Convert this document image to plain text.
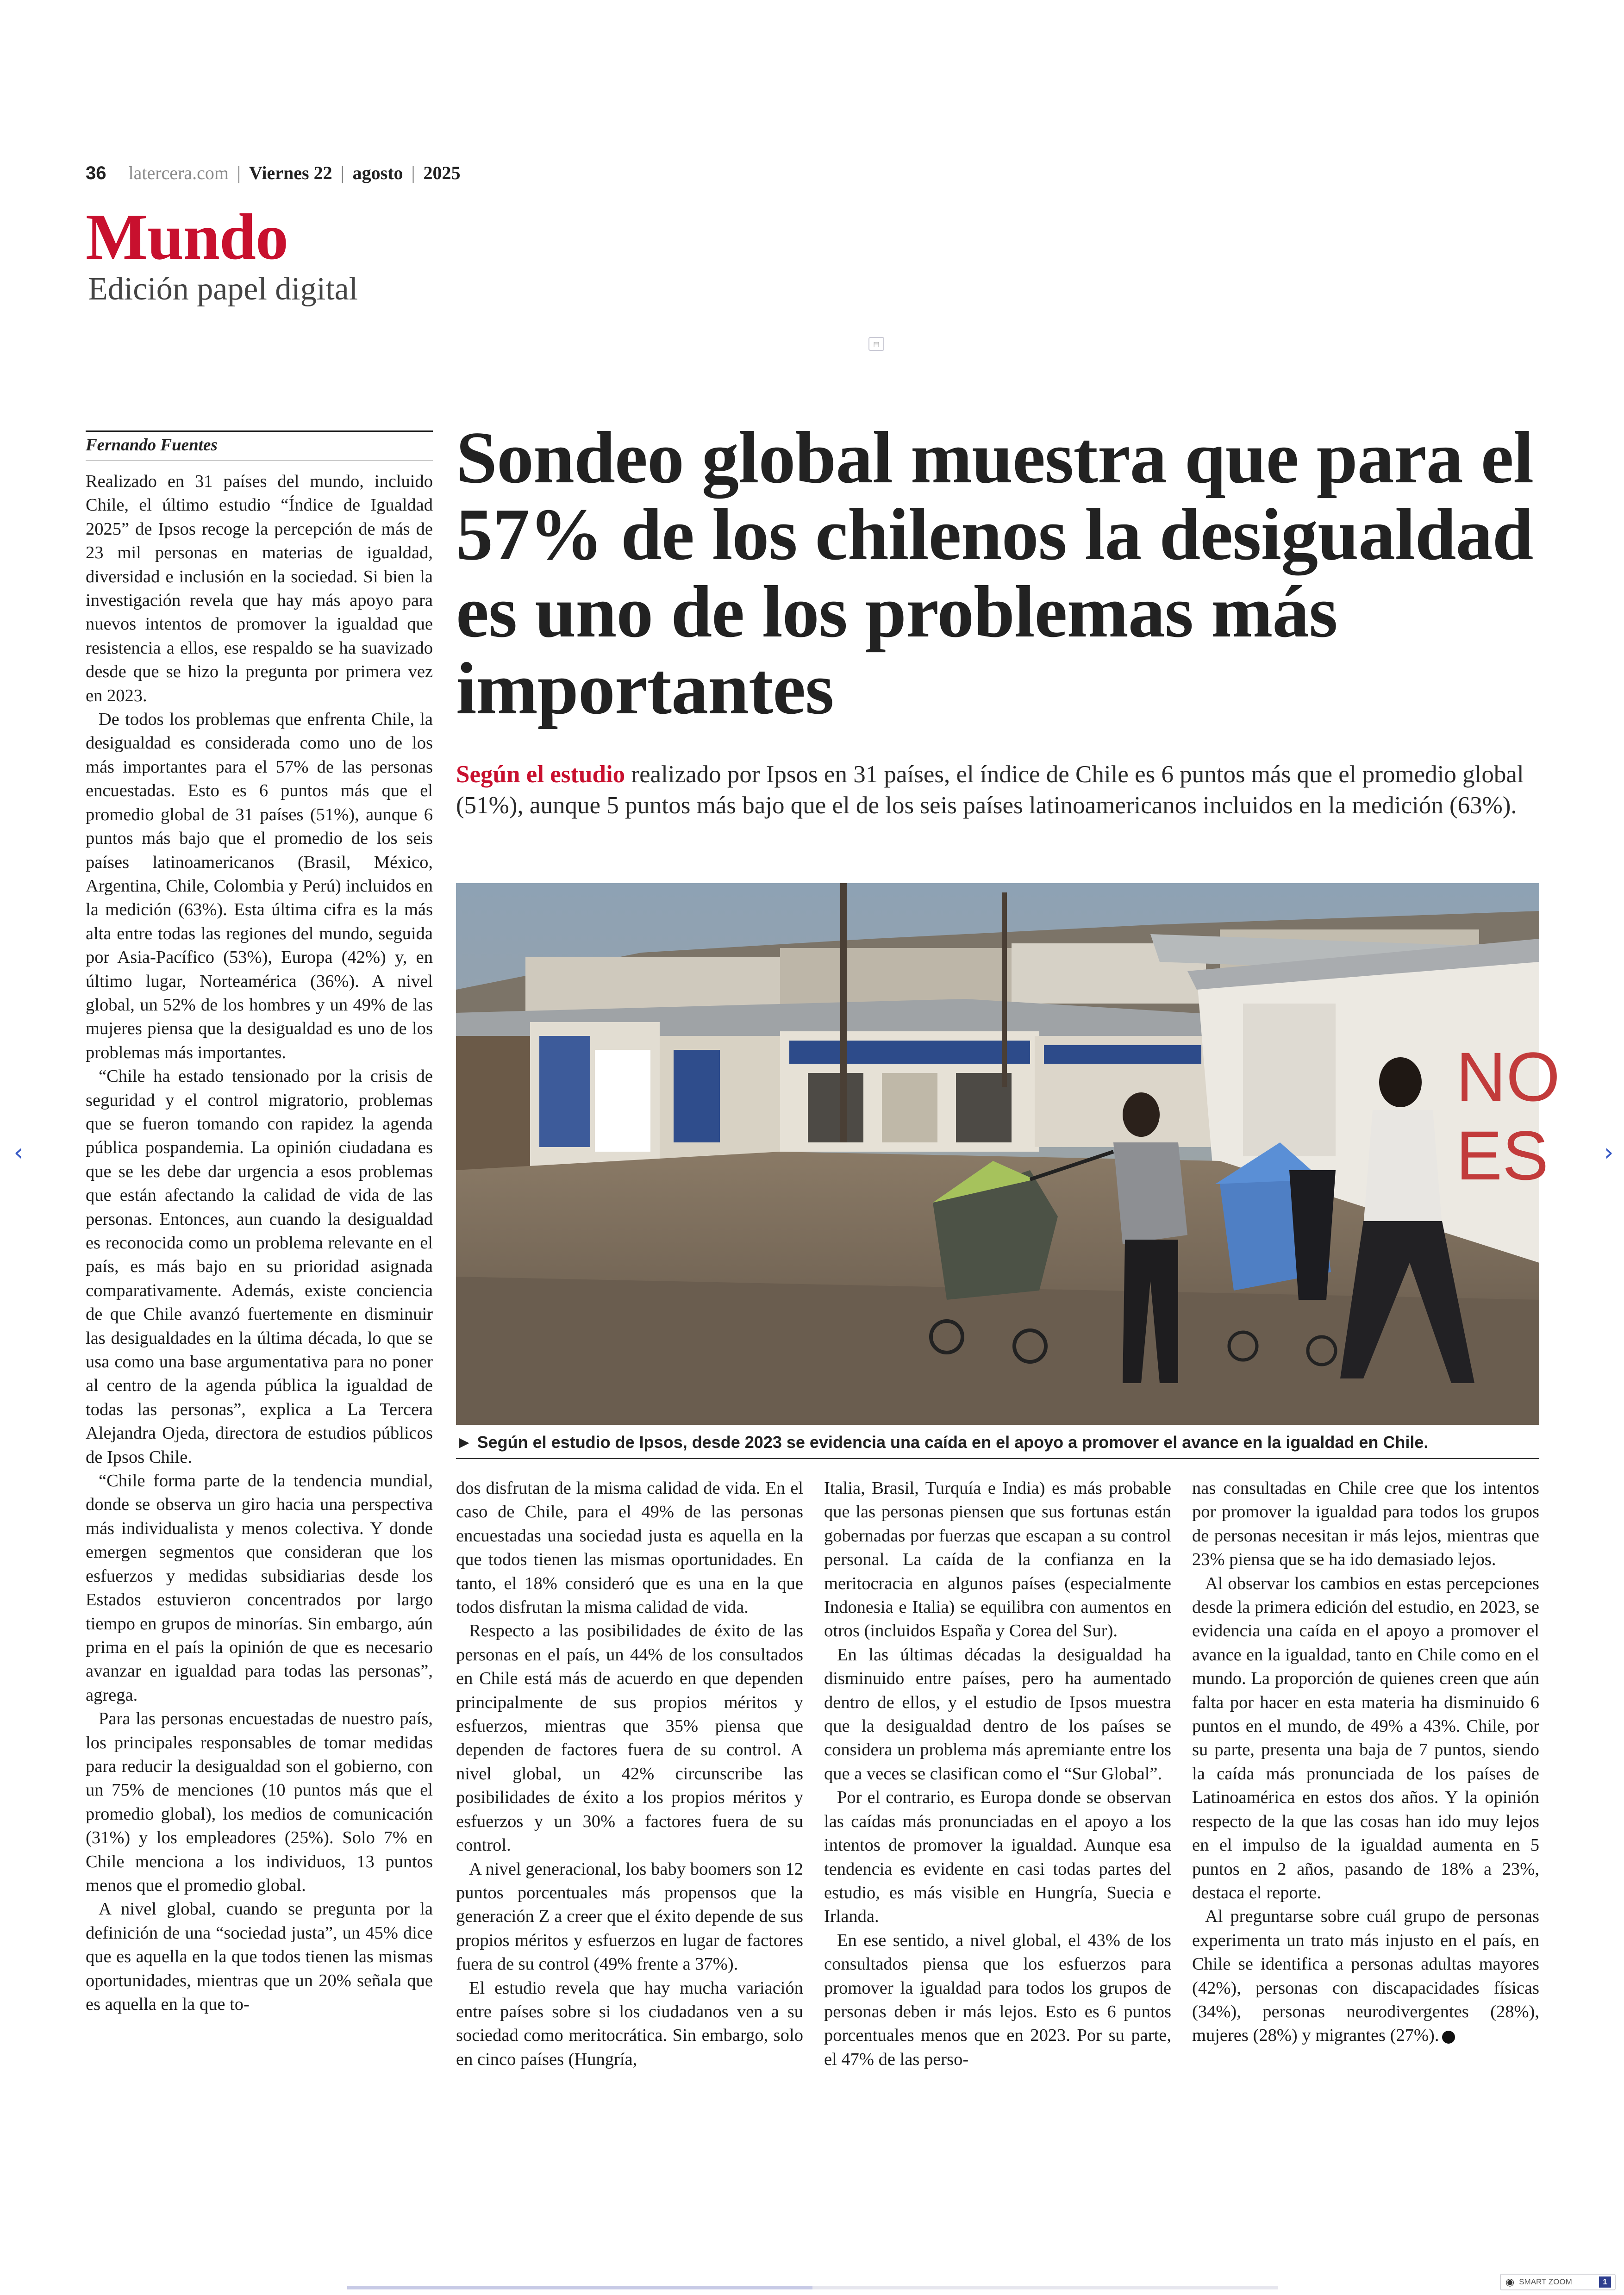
36 latercera.com | Viernes 22 | agosto | 2025
Mundo
Edición papel digital
▤
Fernando Fuentes	Sondeo global muestra que para el 57% de los chilenos la desigualdad es uno de los problemas más importantes
Según el estudio realizado por Ipsos en 31 países, el índice de Chile es 6 puntos más que el promedio global (51%), aunque 5 puntos más bajo que el de los seis países latinoamericanos incluidos en la medición (63%).
NO
ES
► Según el estudio de Ipsos, desde 2023 se evidencia una caída en el apoyo a promover el avance en la igualdad en Chile.

Realizado en 31 países del mundo, incluido Chile, el último estudio “Índice de Igualdad 2025” de Ipsos recoge la percepción de más de 23 mil personas en materias de igualdad, diversidad e inclusión en la sociedad. Si bien la investigación revela que hay más apoyo para nuevos intentos de promover la igualdad que resistencia a ellos, ese respaldo se ha suavizado desde que se hizo la pregunta por primera vez en 2023.

De todos los problemas que enfrenta Chile, la desigualdad es considerada como uno de los más importantes para el 57% de las personas encuestadas. Esto es 6 puntos más que el promedio global de 31 países (51%), aunque 6 puntos más bajo que el promedio de los seis países latinoamericanos (Brasil, México, Argentina, Chile, Colombia y Perú) incluidos en la medición (63%). Esta última cifra es la más alta entre todas las regiones del mundo, seguida por Asia-Pacífico (53%), Europa (42%) y, en último lugar, Norteamérica (36%). A nivel global, un 52% de los hombres y un 49% de las mujeres piensa que la desigualdad es uno de los problemas más importantes.

“Chile ha estado tensionado por la crisis de seguridad y el control migratorio, problemas que se fueron tomando con rapidez la agenda pública pospandemia. La opinión ciudadana es que se les debe dar urgencia a esos problemas que están afectando la calidad de vida de las personas. Entonces, aun cuando la desigualdad es reconocida como un problema relevante en el país, es más bajo en su prioridad asignada comparativamente. Además, existe conciencia de que Chile avanzó fuertemente en disminuir las desigualdades en la última década, lo que se usa como una base argumentativa para no poner al centro de la agenda pública la igualdad de todas las personas”, explica a La Tercera Alejandra Ojeda, directora de estudios públicos de Ipsos Chile.

“Chile forma parte de la tendencia mundial, donde se observa un giro hacia una perspectiva más individualista y menos colectiva. Y donde emergen segmentos que consideran que los esfuerzos y medidas subsidiarias desde los Estados estuvieron concentrados por largo tiempo en grupos de minorías. Sin embargo, aún prima en el país la opinión de que es necesario avanzar en igualdad para todas las personas”, agrega.

Para las personas encuestadas de nuestro país, los principales responsables de tomar medidas para reducir la desigualdad son el gobierno, con un 75% de menciones (10 puntos más que el promedio global), los medios de comunicación (31%) y los empleadores (25%). Solo 7% en Chile menciona a los individuos, 13 puntos menos que el promedio global.

A nivel global, cuando se pregunta por la definición de una “sociedad justa”, un 45% dice que es aquella en la que todos tienen las mismas oportunidades, mientras que un 20% señala que es aquella en la que to-

dos disfrutan de la misma calidad de vida. En el caso de Chile, para el 49% de las personas encuestadas una sociedad justa es aquella en la que todos tienen las mismas oportunidades. En tanto, el 18% consideró que es una en la que todos disfrutan la misma calidad de vida.

Respecto a las posibilidades de éxito de las personas en el país, un 44% de los consultados en Chile está más de acuerdo en que dependen principalmente de sus propios méritos y esfuerzos, mientras que 35% piensa que dependen de factores fuera de su control. A nivel global, un 42% circunscribe las posibilidades de éxito a los propios méritos y esfuerzos y un 30% a factores fuera de su control.

A nivel generacional, los baby boomers son 12 puntos porcentuales más propensos que la generación Z a creer que el éxito depende de sus propios méritos y esfuerzos en lugar de factores fuera de su control (49% frente a 37%).

El estudio revela que hay mucha variación entre países sobre si los ciudadanos ven a su sociedad como meritocrática. Sin embargo, solo en cinco países (Hungría,

Italia, Brasil, Turquía e India) es más probable que las personas piensen que sus fortunas están gobernadas por fuerzas que escapan a su control personal. La caída de la confianza en la meritocracia en algunos países (especialmente Indonesia e Italia) se equilibra con aumentos en otros (incluidos España y Corea del Sur).

En las últimas décadas la desigualdad ha disminuido entre países, pero ha aumentado dentro de ellos, y el estudio de Ipsos muestra que la desigualdad dentro de los países se considera un problema más apremiante entre los que a veces se clasifican como el “Sur Global”.

Por el contrario, es Europa donde se observan las caídas más pronunciadas en el apoyo a los intentos de promover la igualdad. Aunque esa tendencia es evidente en casi todas partes del estudio, es más visible en Hungría, Suecia e Irlanda.

En ese sentido, a nivel global, el 43% de los consultados piensa que los esfuerzos para promover la igualdad para todos los grupos de personas deben ir más lejos. Esto es 6 puntos porcentuales menos que en 2023. Por su parte, el 47% de las perso-

nas consultadas en Chile cree que los intentos por promover la igualdad para todos los grupos de personas necesitan ir más lejos, mientras que 23% piensa que se ha ido demasiado lejos.

Al observar los cambios en estas percepciones desde la primera edición del estudio, en 2023, se evidencia una caída en el apoyo a promover el avance en la igualdad, tanto en Chile como en el mundo. La proporción de quienes creen que aún falta por hacer en esta materia ha disminuido 6 puntos en el mundo, de 49% a 43%. Chile, por su parte, presenta una baja de 7 puntos, siendo la caída más pronunciada de los países de Latinoamérica en estos dos años. Y la opinión respecto de la que las cosas han ido muy lejos en el impulso de la igualdad aumenta en 5 puntos en 2 años, pasando de 18% a 23%, destaca el reporte.

Al preguntarse sobre cuál grupo de personas experimenta un trato más injusto en el país, en Chile se identifica a personas adultas mayores (42%), personas con discapacidades físicas (34%), personas neurodivergentes (28%), mujeres (28%) y migrantes (27%).

‹	›
◉ SMART ZOOM	1
